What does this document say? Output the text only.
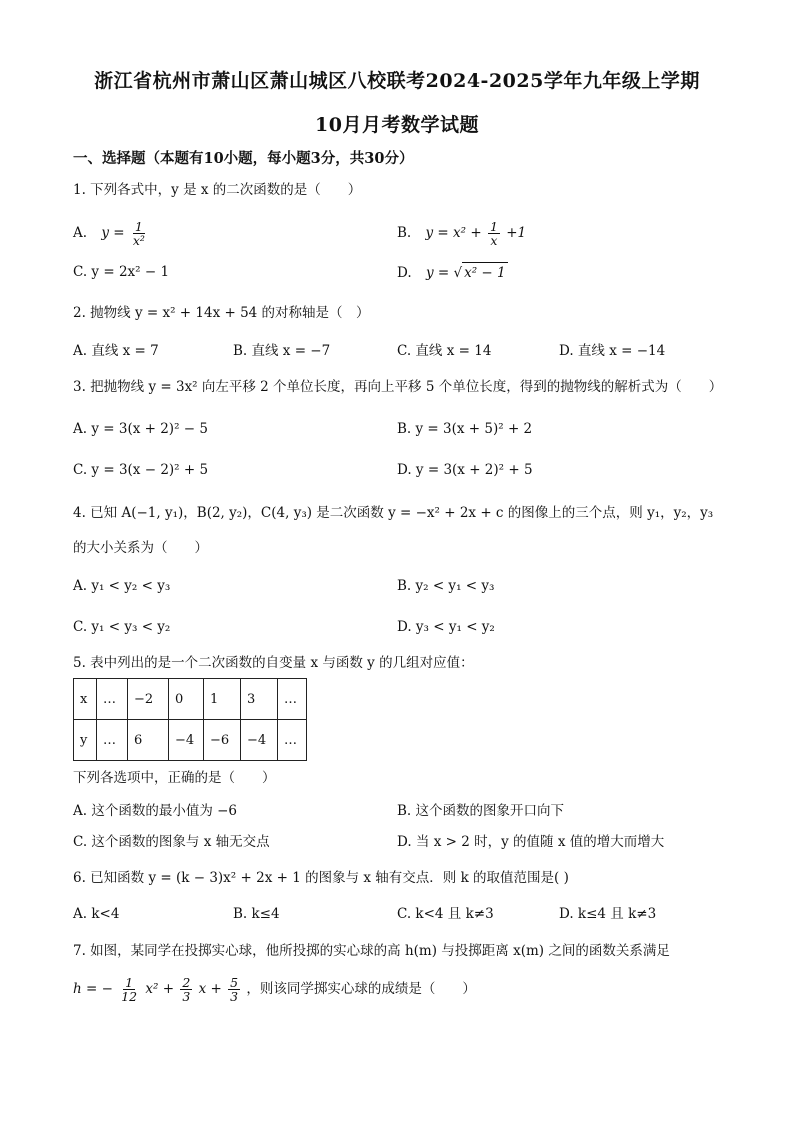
浙江省杭州市萧山区萧山城区八校联考2024-2025学年九年级上学期
10月月考数学试题
一、选择题（本题有10小题，每小题3分，共30分）
1. 下列各式中，y 是 x 的二次函数的是（　　）
A. $y = \frac{1}{\text{x²}}$	B. $y = x^2 + \frac{1}{x} +1$
C. y = 2x² − 1	D. y = √ x² − 1
2. 抛物线 y = x² + 14x + 54 的对称轴是（　）
A. 直线 x = 7	B. 直线 x = −7	C. 直线 x = 14	D. 直线 x = −14
3. 把抛物线 y = 3x² 向左平移 2 个单位长度，再向上平移 5 个单位长度，得到的抛物线的解析式为（　　）
A. y = 3(x + 2)² − 5	B. y = 3(x + 5)² + 2
C. y = 3(x − 2)² + 5	D. y = 3(x + 2)² + 5
4. 已知 A(−1, y₁)，B(2, y₂)，C(4, y₃) 是二次函数 y = −x² + 2x + c 的图像上的三个点，则 y₁，y₂，y₃
的大小关系为（　　）
A. y₁ < y₂ < y₃	B. y₂ < y₁ < y₃
C. y₁ < y₃ < y₂	D. y₃ < y₁ < y₂
5. 表中列出的是一个二次函数的自变量 x 与函数 y 的几组对应值：
x	…	−2	0	1	3	…
y	…	6	−4	−6	−4	…
下列各选项中，正确的是（　　）
A. 这个函数的最小值为 −6	B. 这个函数的图象开口向下
C. 这个函数的图象与 x 轴无交点	D. 当 x > 2 时，y 的值随 x 值的增大而增大
6. 已知函数 y = (k − 3)x² + 2x + 1 的图象与 x 轴有交点．则 k 的取值范围是( )
A. k<4	B. k≤4	C. k<4 且 k≠3	D. k≤4 且 k≠3
7. 如图，某同学在投掷实心球，他所投掷的实心球的高 h(m) 与投掷距离 x(m) 之间的函数关系满足
h = − $\frac{1}{12} x^2 + \frac{2}{3}$ $x + \frac{5}{3}$ ，则该同学掷实心球的成绩是（　　）
